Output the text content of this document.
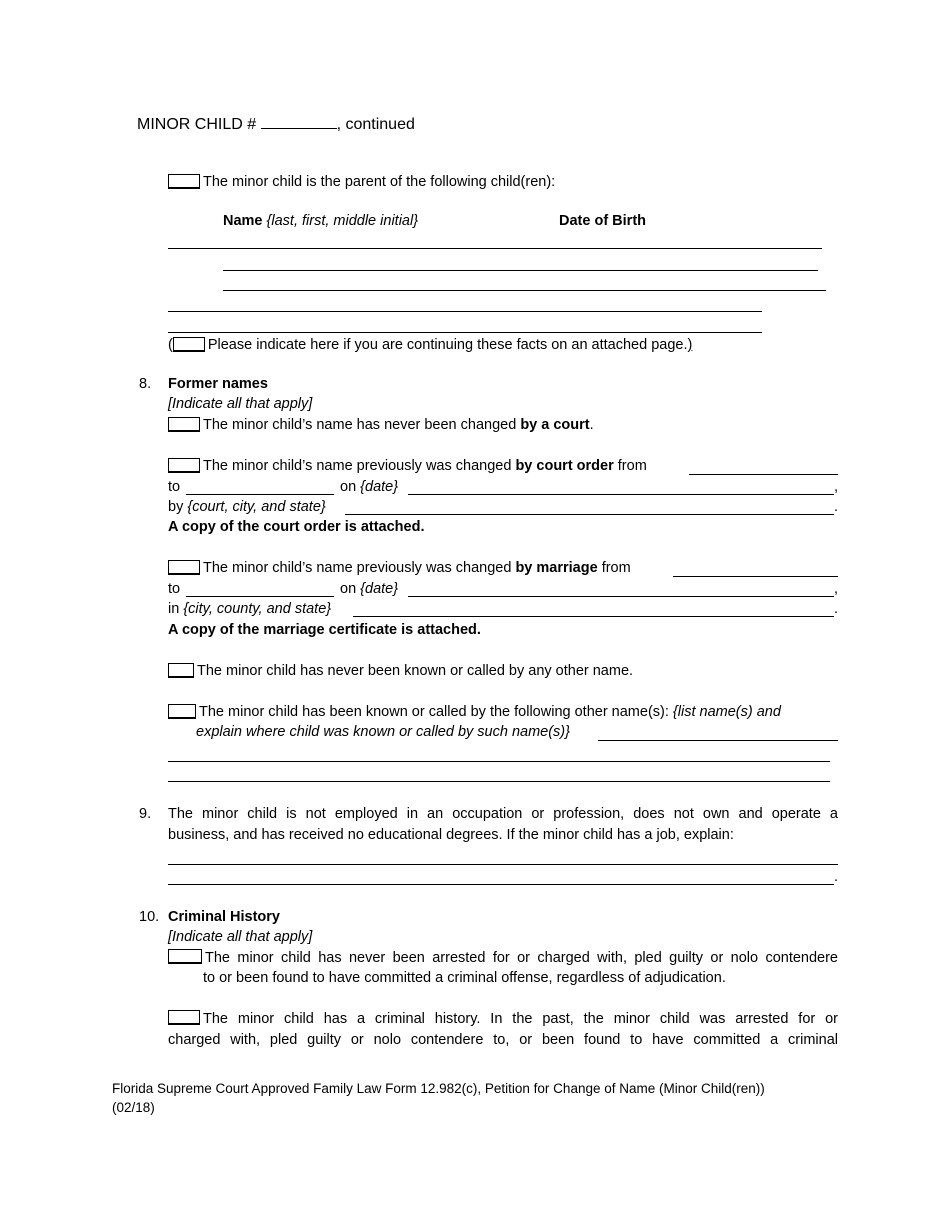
MINOR CHILD #	, continued
The minor child is the parent of the following child(ren):
Name {last, first, middle initial}	Date of Birth
( Please indicate here if you are continuing these facts on an attached page.)
8. Former names
[Indicate all that apply]
The minor child’s name has never been changed by a court.
The minor child’s name previously was changed by court order from
to	on {date}	,
by {court, city, and state}	.
A copy of the court order is attached.
The minor child’s name previously was changed by marriage from
to	on {date}	,
in {city, county, and state}	.
A copy of the marriage certificate is attached.
The minor child has never been known or called by any other name.
The minor child has been known or called by the following other name(s): {list name(s) and
explain where child was known or called by such name(s)}
9. The minor child is not employed in an occupation or profession, does not own and operate a
business, and has received no educational degrees. If the minor child has a job, explain:
.
10. Criminal History
[Indicate all that apply]
The minor child has never been arrested for or charged with, pled guilty or nolo contendere
to or been found to have committed a criminal offense, regardless of adjudication.
The minor child has a criminal history. In the past, the minor child was arrested for or
charged with, pled guilty or nolo contendere to, or been found to have committed a criminal
Florida Supreme Court Approved Family Law Form 12.982(c), Petition for Change of Name (Minor Child(ren))
(02/18)
